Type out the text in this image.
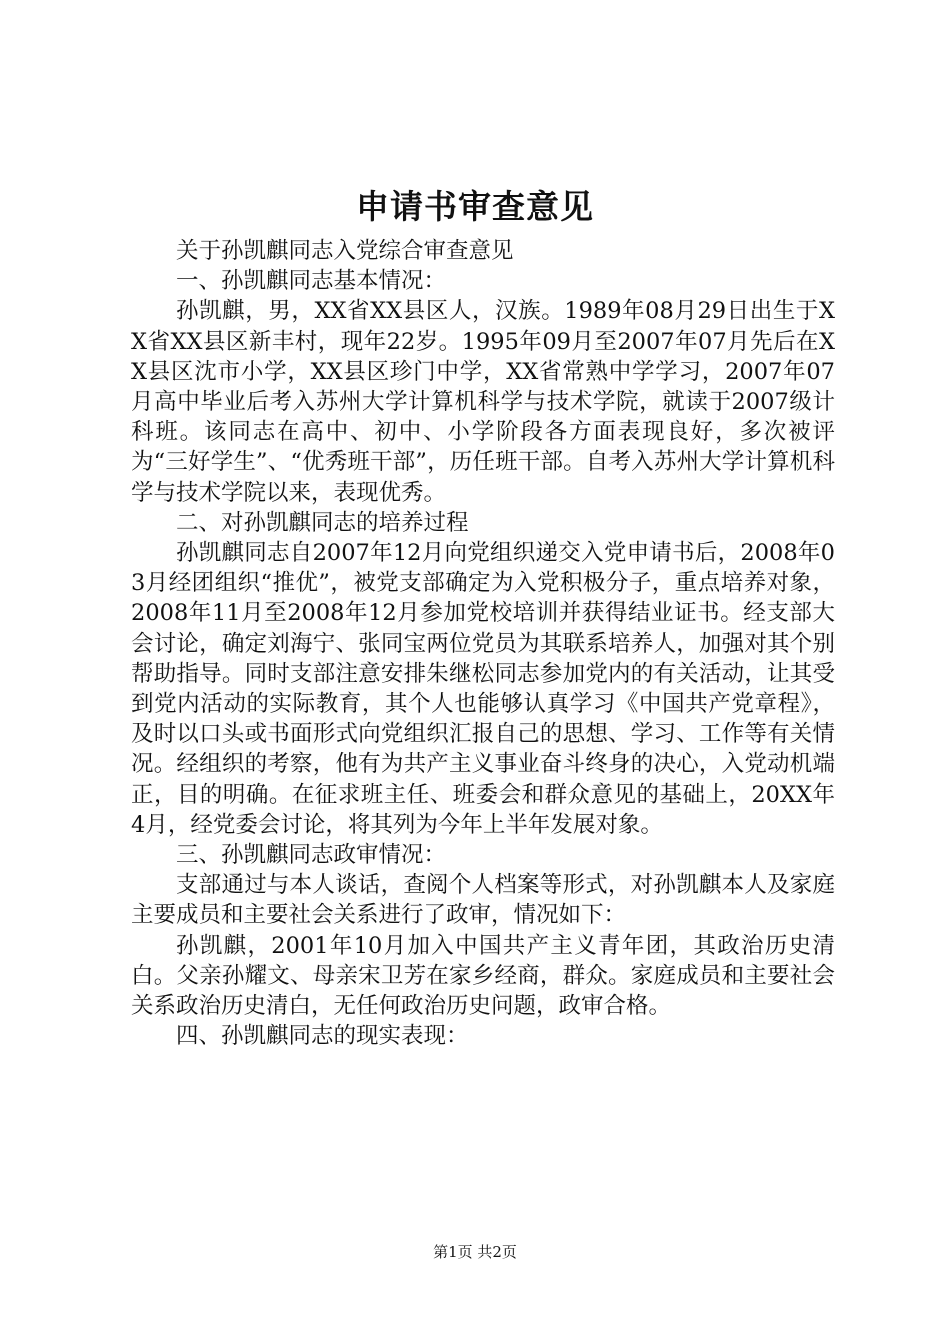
申请书审查意见

关于孙凯麒同志入党综合审查意见

一、孙凯麒同志基本情况：

孙凯麒，男，XX省XX县区人，汉族。1989年08月29日出生于XX省XX县区新丰村，现年22岁。1995年09月至2007年07月先后在XX县区沈市小学，XX县区珍门中学，XX省常熟中学学习，2007年07月高中毕业后考入苏州大学计算机科学与技术学院，就读于2007级计科班。该同志在高中、初中、小学阶段各方面表现良好，多次被评为“三好学生”、“优秀班干部”，历任班干部。自考入苏州大学计算机科学与技术学院以来，表现优秀。

二、对孙凯麒同志的培养过程

孙凯麒同志自2007年12月向党组织递交入党申请书后，2008年03月经团组织“推优”，被党支部确定为入党积极分子，重点培养对象，2008年11月至2008年12月参加党校培训并获得结业证书。经支部大会讨论，确定刘海宁、张同宝两位党员为其联系培养人，加强对其个别帮助指导。同时支部注意安排朱继松同志参加党内的有关活动，让其受到党内活动的实际教育，其个人也能够认真学习《中国共产党章程》，及时以口头或书面形式向党组织汇报自己的思想、学习、工作等有关情况。经组织的考察，他有为共产主义事业奋斗终身的决心，入党动机端正，目的明确。在征求班主任、班委会和群众意见的基础上，20XX年4月，经党委会讨论，将其列为今年上半年发展对象。

三、孙凯麒同志政审情况：

支部通过与本人谈话，查阅个人档案等形式，对孙凯麒本人及家庭主要成员和主要社会关系进行了政审，情况如下：

孙凯麒，2001年10月加入中国共产主义青年团，其政治历史清白。父亲孙耀文、母亲宋卫芳在家乡经商，群众。家庭成员和主要社会关系政治历史清白，无任何政治历史问题，政审合格。

四、孙凯麒同志的现实表现：

第1页 共2页
